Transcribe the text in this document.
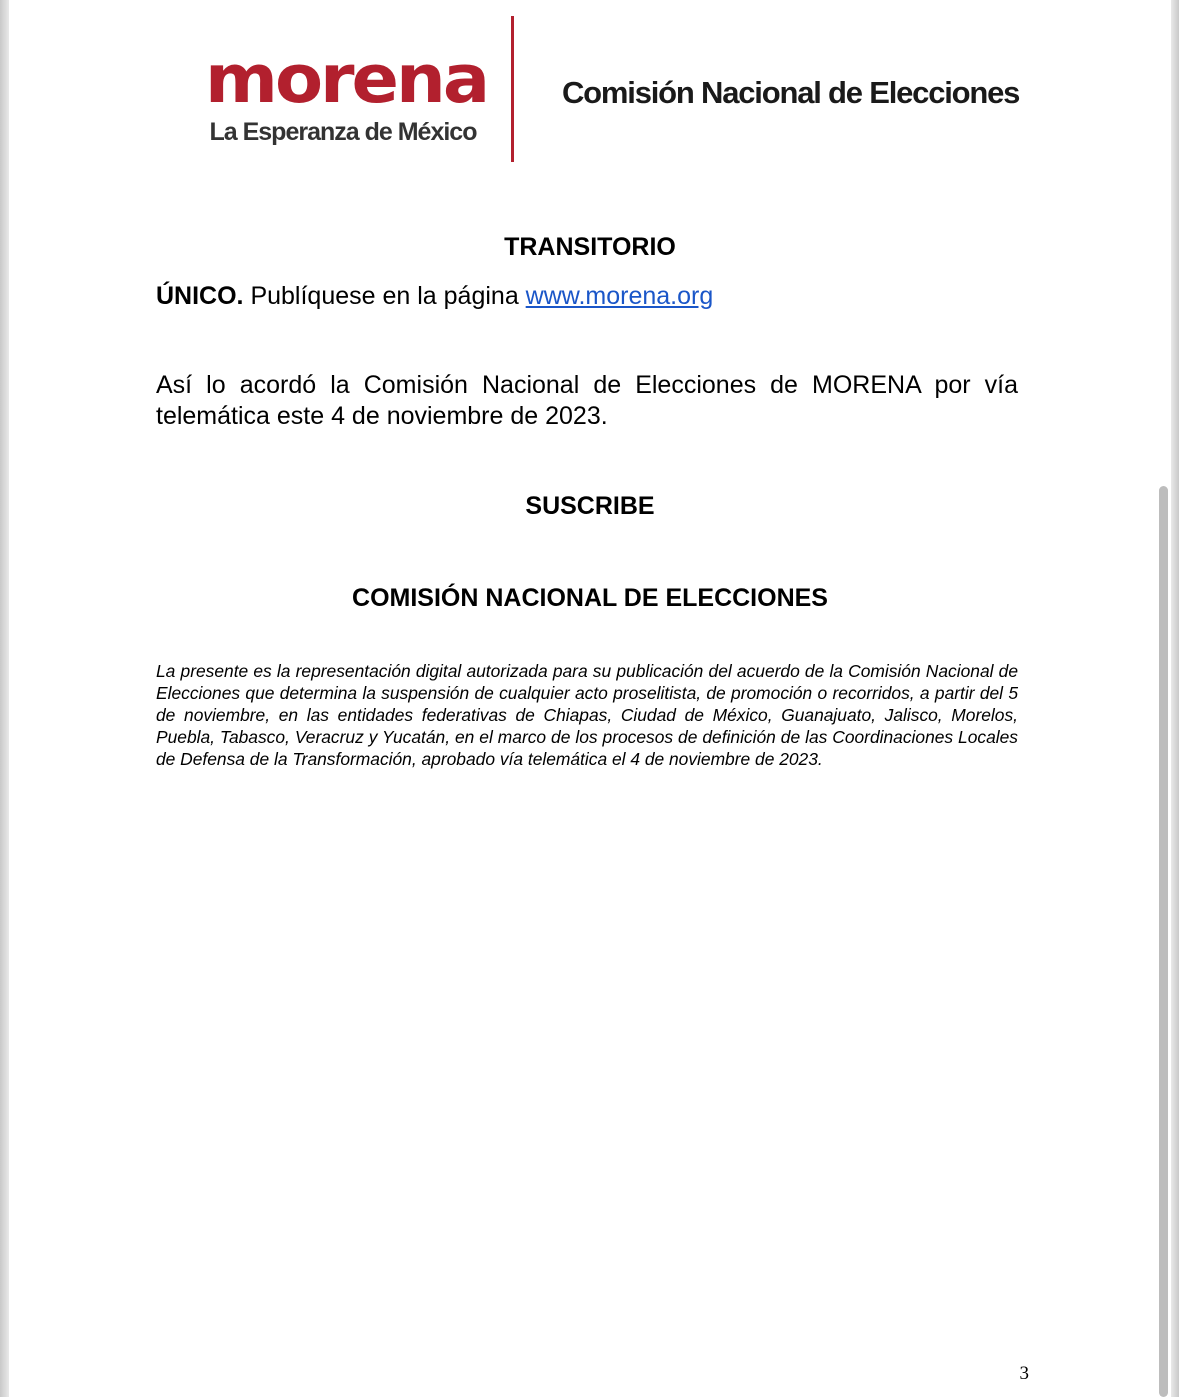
morena
La Esperanza de México
Comisión Nacional de Elecciones
TRANSITORIO
ÚNICO. Publíquese en la página www.morena.org
Así lo acordó la Comisión Nacional de Elecciones de MORENA por vía telemática este 4 de noviembre de 2023.
SUSCRIBE
COMISIÓN NACIONAL DE ELECCIONES
La presente es la representación digital autorizada para su publicación del acuerdo de la Comisión Nacional de Elecciones que determina la suspensión de cualquier acto proselitista, de promoción o recorridos, a partir del 5 de noviembre, en las entidades federativas de Chiapas, Ciudad de México, Guanajuato, Jalisco, Morelos, Puebla, Tabasco, Veracruz y Yucatán, en el marco de los procesos de definición de las Coordinaciones Locales de Defensa de la Transformación, aprobado vía telemática el 4 de noviembre de 2023.
3
